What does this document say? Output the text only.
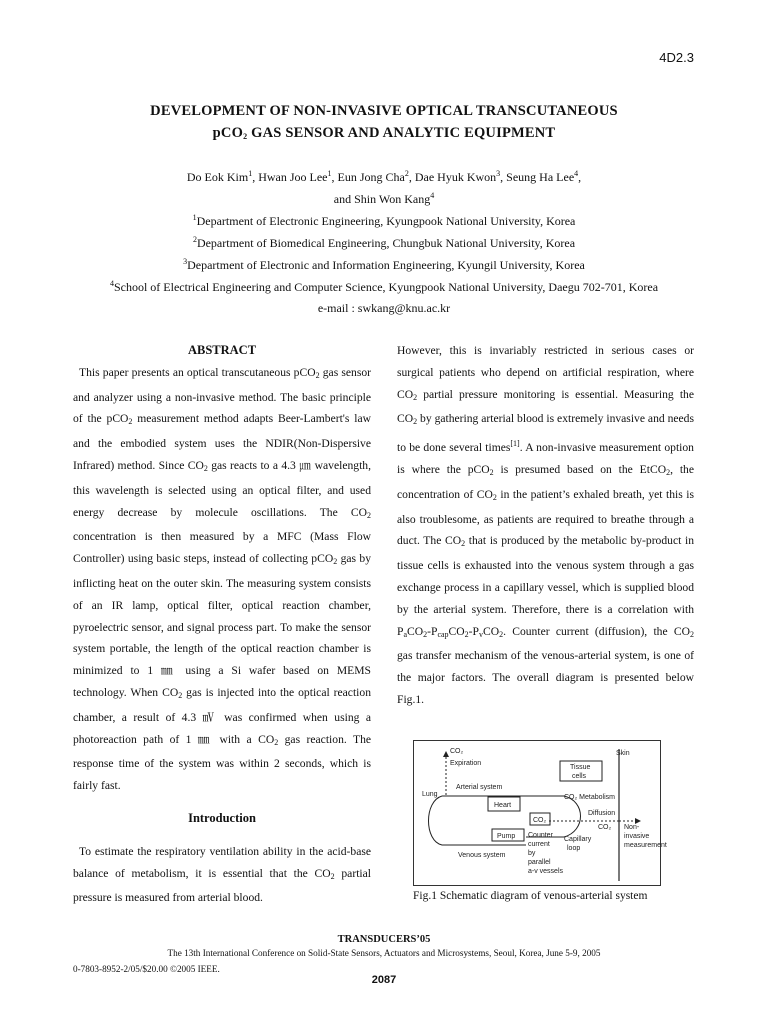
4D2.3
DEVELOPMENT OF NON-INVASIVE OPTICAL TRANSCUTANEOUS
pCO$_2$ GAS SENSOR AND ANALYTIC EQUIPMENT
Do Eok Kim$^1$, Hwan Joo Lee$^1$, Eun Jong Cha$^2$, Dae Hyuk Kwon$^3$, Seung Ha Lee$^4$,
and Shin Won Kang$^4$
$^1$Department of Electronic Engineering, Kyungpook National University, Korea
$^2$Department of Biomedical Engineering, Chungbuk National University, Korea
$^3$Department of Electronic and Information Engineering, Kyungil University, Korea
$^4$School of Electrical Engineering and Computer Science, Kyungpook National University, Daegu 702-701, Korea
e-mail : swkang@knu.ac.kr

ABSTRACT

This paper presents an optical transcutaneous pCO$_2$ gas sensor and analyzer using a non-invasive method. The basic principle of the pCO$_2$ measurement method adapts Beer-Lambert's law and the embodied system uses the NDIR(Non-Dispersive Infrared) method. Since $CO_2$ gas reacts to a 4.3 ㎛ wavelength, this wavelength is selected using an optical filter, and used energy decrease by molecule oscillations. The $CO_2$ concentration is then measured by a MFC (Mass Flow Controller) using basic steps, instead of collecting pCO$_2$ gas by inflicting heat on the outer skin. The measuring system consists of an IR lamp, optical filter, optical reaction chamber, pyroelectric sensor, and signal process part. To make the sensor system portable, the length of the optical reaction chamber is minimized to 1 ㎜ using a Si wafer based on MEMS technology. When $CO_2$ gas is injected into the optical reaction chamber, a result of 4.3 ㎷ was confirmed when using a photoreaction path of 1 ㎜ with a $CO_2$ gas reaction. The response time of the system was within 2 seconds, which is fairly fast.

Introduction

To estimate the respiratory ventilation ability in the acid-base balance of metabolism, it is essential that the $CO_2$ partial pressure is measured from arterial blood.

However, this is invariably restricted in serious cases or surgical patients who depend on artificial respiration, where $CO_2$ partial pressure monitoring is essential. Measuring the $CO_2$ by gathering arterial blood is extremely invasive and needs to be done several times[1]. A non-invasive measurement option is where the pCO$_2$ is presumed based on the EtCO$_2$, the concentration of $CO_2$ in the patient’s exhaled breath, yet this is also troublesome, as patients are required to breathe through a duct. The $CO_2$ that is produced by the metabolic by-product in tissue cells is exhausted into the venous system through a gas exchange process in a capillary vessel, which is supplied blood by the arterial system. Therefore, there is a correlation with $P_aCO_2-P_{cap}CO_2-P_vCO_2$. Counter current (diffusion), the $CO_2$ gas transfer mechanism of the venous-arterial system, is one of the major factors. The overall diagram is presented below Fig.1.

CO₂
Expiration
Skin
Tissue
cells
Lung
Arterial system
CO₂ Metabolism
Heart
Diffusion
CO₂
CO₂
Pump Counter
current
by
parallel
a-v vessels
Capillary
loop
Non-
invasive
measurement
Venous system
Fig.1 Schematic diagram of venous-arterial system
TRANSDUCERS’05
The 13th International Conference on Solid-State Sensors, Actuators and Microsystems, Seoul, Korea, June 5-9, 2005
0-7803-8952-2/05/$20.00 ©2005 IEEE.
2087
